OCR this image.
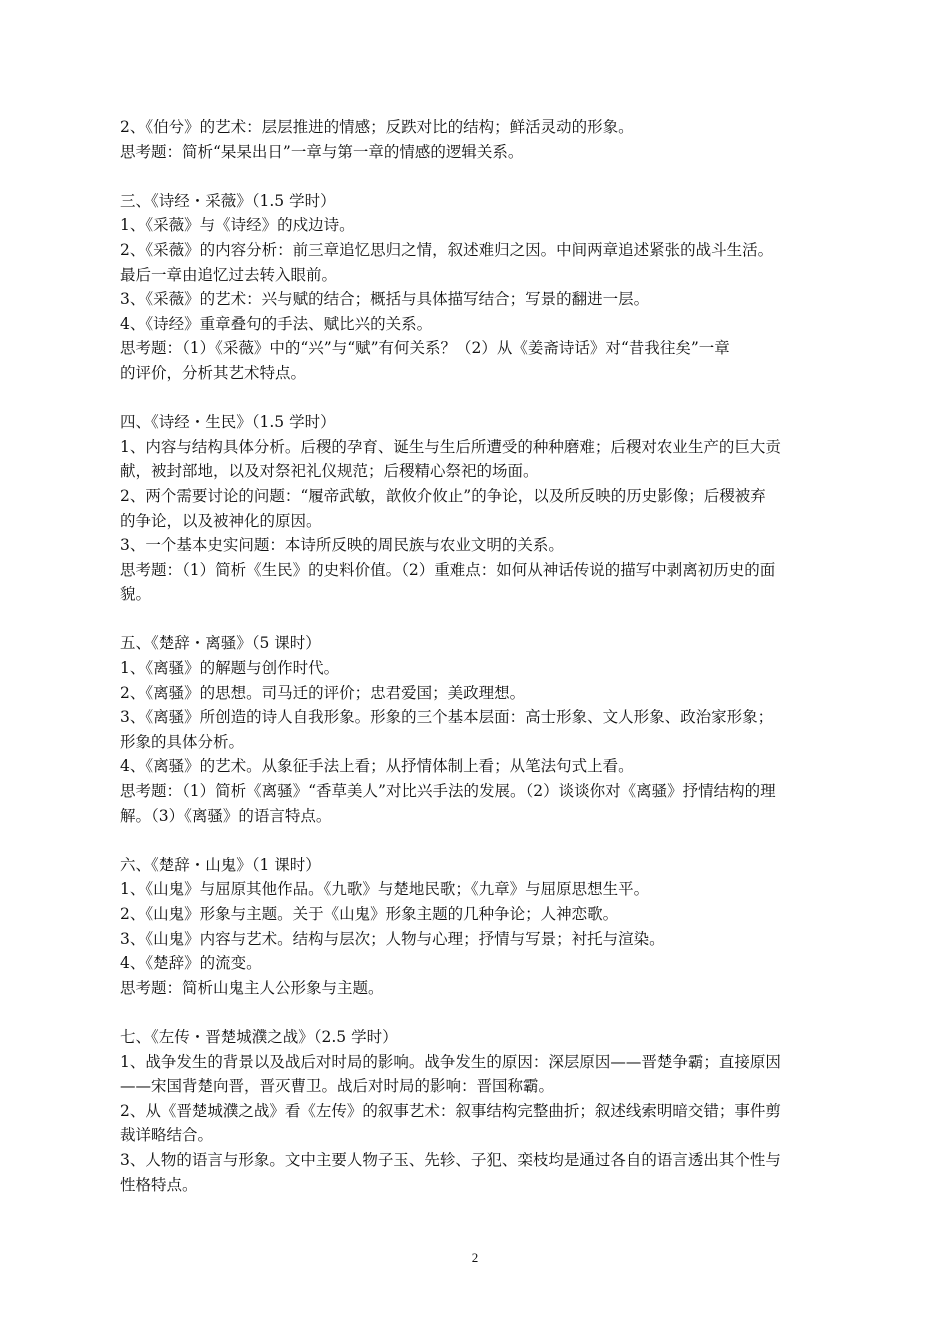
2、《伯兮》的艺术：层层推进的情感；反跌对比的结构；鲜活灵动的形象。
思考题：简析“杲杲出日”一章与第一章的情感的逻辑关系。
三、《诗经・采薇》（1.5 学时）
1、《采薇》与《诗经》的戍边诗。
2、《采薇》的内容分析：前三章追忆思归之情，叙述难归之因。中间两章追述紧张的战斗生活。
最后一章由追忆过去转入眼前。
3、《采薇》的艺术：兴与赋的结合；概括与具体描写结合；写景的翻进一层。
4、《诗经》重章叠句的手法、赋比兴的关系。
思考题：（1）《采薇》中的“兴”与“赋”有何关系？（2）从《姜斋诗话》对“昔我往矣”一章
的评价，分析其艺术特点。
四、《诗经・生民》（1.5 学时）
1、内容与结构具体分析。后稷的孕育、诞生与生后所遭受的种种磨难；后稷对农业生产的巨大贡
献，被封部地，以及对祭祀礼仪规范；后稷精心祭祀的场面。
2、两个需要讨论的问题：“履帝武敏，歆攸介攸止”的争论，以及所反映的历史影像；后稷被弃
的争论，以及被神化的原因。
3、一个基本史实问题：本诗所反映的周民族与农业文明的关系。
思考题：（1）简析《生民》的史料价值。（2）重难点：如何从神话传说的描写中剥离初历史的面
貌。
五、《楚辞・离骚》（5 课时）
1、《离骚》的解题与创作时代。
2、《离骚》的思想。司马迁的评价；忠君爱国；美政理想。
3、《离骚》所创造的诗人自我形象。形象的三个基本层面：高士形象、文人形象、政治家形象；
形象的具体分析。
4、《离骚》的艺术。从象征手法上看；从抒情体制上看；从笔法句式上看。
思考题：（1）简析《离骚》“香草美人”对比兴手法的发展。（2）谈谈你对《离骚》抒情结构的理
解。（3）《离骚》的语言特点。
六、《楚辞・山鬼》（1 课时）
1、《山鬼》与屈原其他作品。《九歌》与楚地民歌；《九章》与屈原思想生平。
2、《山鬼》形象与主题。关于《山鬼》形象主题的几种争论；人神恋歌。
3、《山鬼》内容与艺术。结构与层次；人物与心理；抒情与写景；衬托与渲染。
4、《楚辞》的流变。
思考题：简析山鬼主人公形象与主题。
七、《左传・晋楚城濮之战》（2.5 学时）
1、战争发生的背景以及战后对时局的影响。战争发生的原因：深层原因——晋楚争霸；直接原因
——宋国背楚向晋，晋灭曹卫。战后对时局的影响：晋国称霸。
2、从《晋楚城濮之战》看《左传》的叙事艺术：叙事结构完整曲折；叙述线索明暗交错；事件剪
裁详略结合。
3、人物的语言与形象。文中主要人物子玉、先轸、子犯、栾枝均是通过各自的语言透出其个性与
性格特点。
2
